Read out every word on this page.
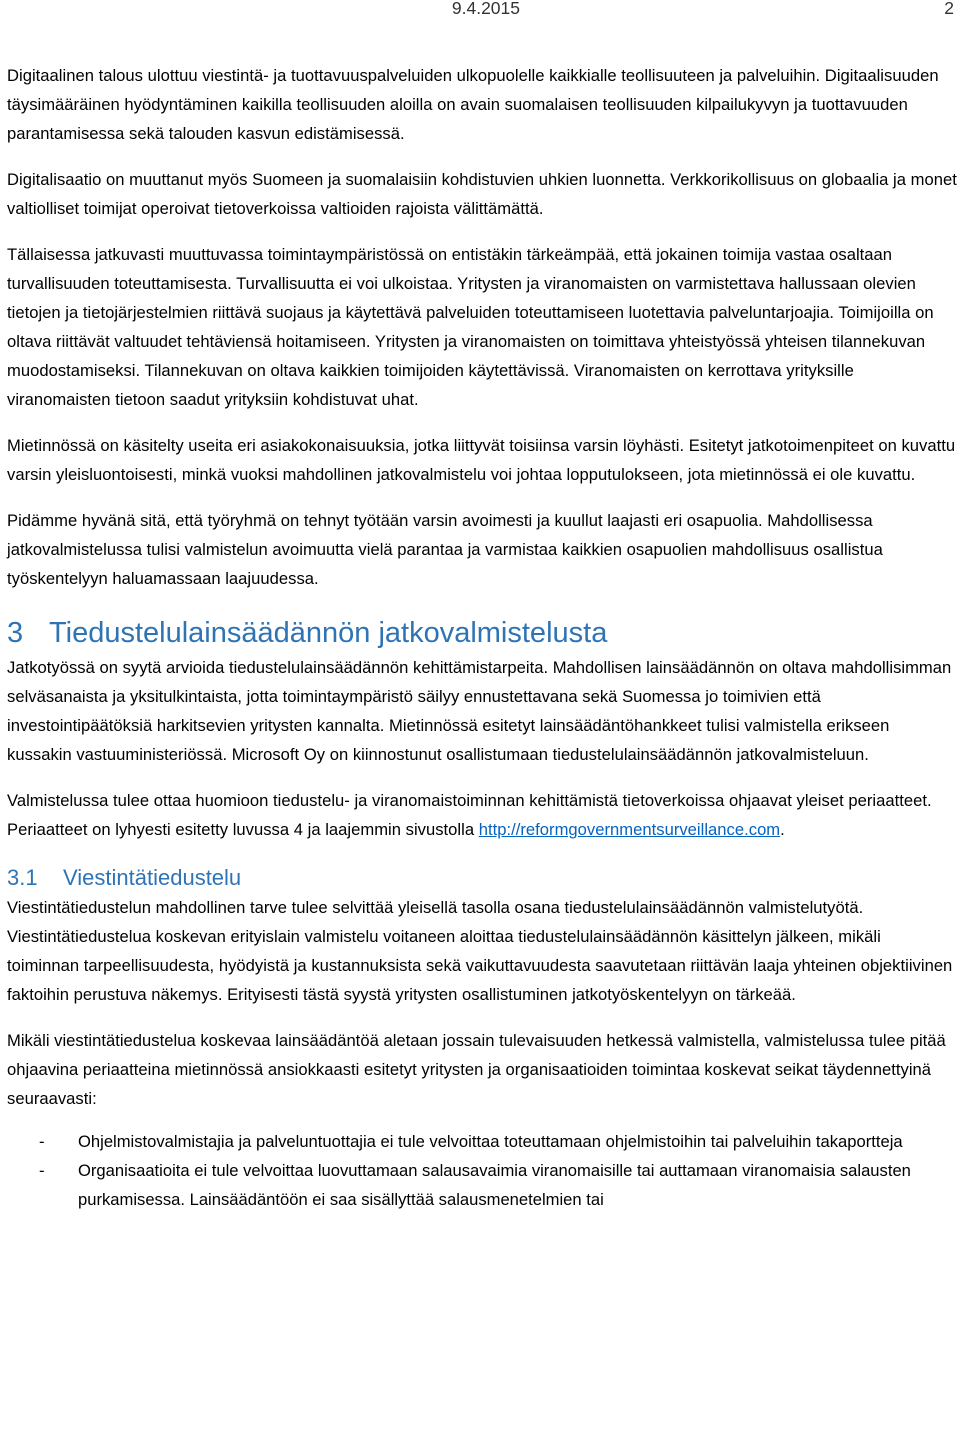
9.4.2015	2

Digitaalinen talous ulottuu viestintä- ja tuottavuuspalveluiden ulkopuolelle kaikkialle teollisuuteen ja palveluihin. Digitaalisuuden täysimääräinen hyödyntäminen kaikilla teollisuuden aloilla on avain suomalaisen teollisuuden kilpailukyvyn ja tuottavuuden parantamisessa sekä talouden kasvun edistämisessä.

Digitalisaatio on muuttanut myös Suomeen ja suomalaisiin kohdistuvien uhkien luonnetta. Verkkorikollisuus on globaalia ja monet valtiolliset toimijat operoivat tietoverkoissa valtioiden rajoista välittämättä.

Tällaisessa jatkuvasti muuttuvassa toimintaympäristössä on entistäkin tärkeämpää, että jokainen toimija vastaa osaltaan turvallisuuden toteuttamisesta. Turvallisuutta ei voi ulkoistaa. Yritysten ja viranomaisten on varmistettava hallussaan olevien tietojen ja tietojärjestelmien riittävä suojaus ja käytettävä palveluiden toteuttamiseen luotettavia palveluntarjoajia. Toimijoilla on oltava riittävät valtuudet tehtäviensä hoitamiseen. Yritysten ja viranomaisten on toimittava yhteistyössä yhteisen tilannekuvan muodostamiseksi. Tilannekuvan on oltava kaikkien toimijoiden käytettävissä. Viranomaisten on kerrottava yrityksille viranomaisten tietoon saadut yrityksiin kohdistuvat uhat.

Mietinnössä on käsitelty useita eri asiakokonaisuuksia, jotka liittyvät toisiinsa varsin löyhästi. Esitetyt jatkotoimenpiteet on kuvattu varsin yleisluontoisesti, minkä vuoksi mahdollinen jatkovalmistelu voi johtaa lopputulokseen, jota mietinnössä ei ole kuvattu.

Pidämme hyvänä sitä, että työryhmä on tehnyt työtään varsin avoimesti ja kuullut laajasti eri osapuolia. Mahdollisessa jatkovalmistelussa tulisi valmistelun avoimuutta vielä parantaa ja varmistaa kaikkien osapuolien mahdollisuus osallistua työskentelyyn haluamassaan laajuudessa.

3 Tiedustelulainsäädännön jatkovalmistelusta

Jatkotyössä on syytä arvioida tiedustelulainsäädännön kehittämistarpeita. Mahdollisen lainsäädännön on oltava mahdollisimman selväsanaista ja yksitulkintaista, jotta toimintaympäristö säilyy ennustettavana sekä Suomessa jo toimivien että investointipäätöksiä harkitsevien yritysten kannalta. Mietinnössä esitetyt lainsäädäntöhankkeet tulisi valmistella erikseen kussakin vastuuministeriössä. Microsoft Oy on kiinnostunut osallistumaan tiedustelulainsäädännön jatkovalmisteluun.

Valmistelussa tulee ottaa huomioon tiedustelu- ja viranomaistoiminnan kehittämistä tietoverkoissa ohjaavat yleiset periaatteet. Periaatteet on lyhyesti esitetty luvussa 4 ja laajemmin sivustolla http://reformgovernmentsurveillance.com.

3.1 Viestintätiedustelu

Viestintätiedustelun mahdollinen tarve tulee selvittää yleisellä tasolla osana tiedustelulainsäädännön valmistelutyötä. Viestintätiedustelua koskevan erityislain valmistelu voitaneen aloittaa tiedustelulainsäädännön käsittelyn jälkeen, mikäli toiminnan tarpeellisuudesta, hyödyistä ja kustannuksista sekä vaikuttavuudesta saavutetaan riittävän laaja yhteinen objektiivinen faktoihin perustuva näkemys. Erityisesti tästä syystä yritysten osallistuminen jatkotyöskentelyyn on tärkeää.

Mikäli viestintätiedustelua koskevaa lainsäädäntöä aletaan jossain tulevaisuuden hetkessä valmistella, valmistelussa tulee pitää ohjaavina periaatteina mietinnössä ansiokkaasti esitetyt yritysten ja organisaatioiden toimintaa koskevat seikat täydennettyinä seuraavasti:

- Ohjelmistovalmistajia ja palveluntuottajia ei tule velvoittaa toteuttamaan ohjelmistoihin tai palveluihin takaportteja
- Organisaatioita ei tule velvoittaa luovuttamaan salausavaimia viranomaisille tai auttamaan viranomaisia salausten purkamisessa. Lainsäädäntöön ei saa sisällyttää salausmenetelmien tai
